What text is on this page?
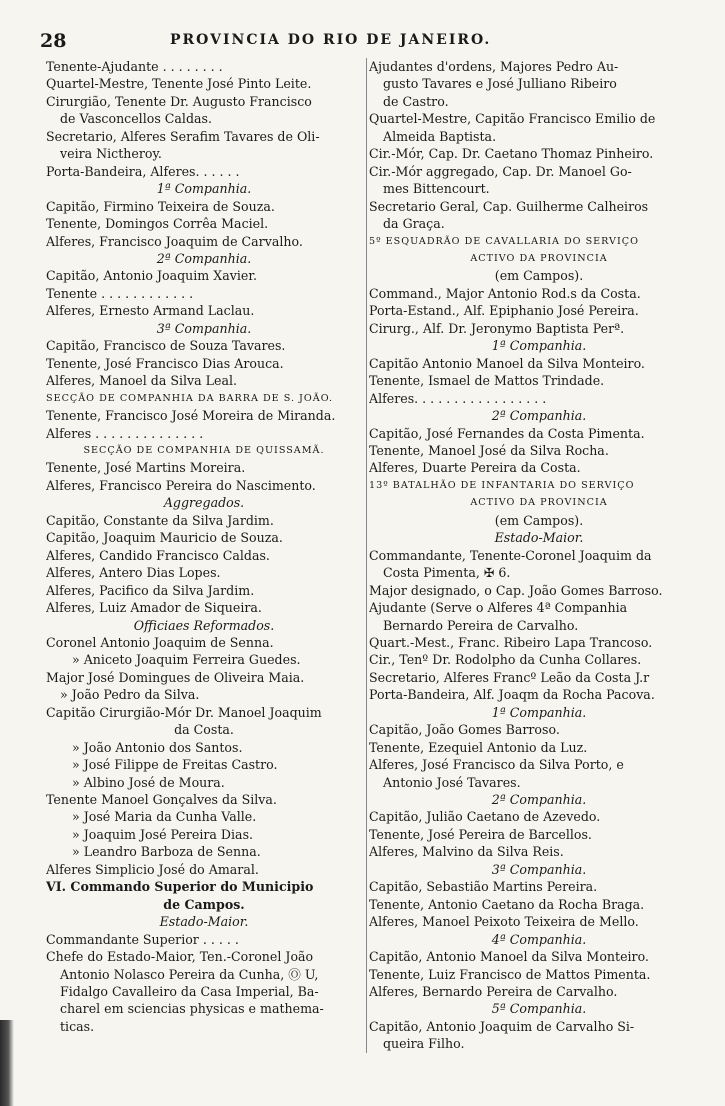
28	PROVINCIA DO RIO DE JANEIRO.
Tenente-Ajudante . . . . . . . .
Quartel-Mestre, Tenente José Pinto Leite.
Cirurgião, Tenente Dr. Augusto Francisco
de Vasconcellos Caldas.
Secretario, Alferes Serafim Tavares de Oli-
veira Nictheroy.
Porta-Bandeira, Alferes. . . . . .
1ª Companhia.
Capitão, Firmino Teixeira de Souza.
Tenente, Domingos Corrêa Maciel.
Alferes, Francisco Joaquim de Carvalho.
2ª Companhia.
Capitão, Antonio Joaquim Xavier.
Tenente . . . . . . . . . . . .
Alferes, Ernesto Armand Laclau.
3ª Companhia.
Capitão, Francisco de Souza Tavares.
Tenente, José Francisco Dias Arouca.
Alferes, Manoel da Silva Leal.
SECÇÃO DE COMPANHIA DA BARRA DE S. JOÃO.
Tenente, Francisco José Moreira de Miranda.
Alferes . . . . . . . . . . . . . .
SECÇÃO DE COMPANHIA DE QUISSAMÃ.
Tenente, José Martins Moreira.
Alferes, Francisco Pereira do Nascimento.
Aggregados.
Capitão, Constante da Silva Jardim.
Capitão, Joaquim Mauricio de Souza.
Alferes, Candido Francisco Caldas.
Alferes, Antero Dias Lopes.
Alferes, Pacifico da Silva Jardim.
Alferes, Luiz Amador de Siqueira.
Officiaes Reformados.
Coronel Antonio Joaquim de Senna.
» Aniceto Joaquim Ferreira Guedes.
Major José Domingues de Oliveira Maia.
» João Pedro da Silva.
Capitão Cirurgião-Mór Dr. Manoel Joaquim
da Costa.
» João Antonio dos Santos.
» José Filippe de Freitas Castro.
» Albino José de Moura.
Tenente Manoel Gonçalves da Silva.
» José Maria da Cunha Valle.
» Joaquim José Pereira Dias.
» Leandro Barboza de Senna.
Alferes Simplicio José do Amaral.
VI. Commando Superior do Municipio
de Campos.
Estado-Maior.
Commandante Superior . . . . .
Chefe do Estado-Maior, Ten.-Coronel João
Antonio Nolasco Pereira da Cunha, Ⓞ U,
Fidalgo Cavalleiro da Casa Imperial, Ba-
charel em sciencias physicas e mathema-
ticas.
Ajudantes d'ordens, Majores Pedro Au-
gusto Tavares e José Julliano Ribeiro
de Castro.
Quartel-Mestre, Capitão Francisco Emilio de
Almeida Baptista.
Cir.-Mór, Cap. Dr. Caetano Thomaz Pinheiro.
Cir.-Mór aggregado, Cap. Dr. Manoel Go-
mes Bittencourt.
Secretario Geral, Cap. Guilherme Calheiros
da Graça.
5º ESQUADRÃO DE CAVALLARIA DO SERVIÇO
ACTIVO DA PROVINCIA
(em Campos).
Command., Major Antonio Rod.s da Costa.
Porta-Estand., Alf. Epiphanio José Pereira.
Cirurg., Alf. Dr. Jeronymo Baptista Perª.
1ª Companhia.
Capitão Antonio Manoel da Silva Monteiro.
Tenente, Ismael de Mattos Trindade.
Alferes. . . . . . . . . . . . . . . . .
2ª Companhia.
Capitão, José Fernandes da Costa Pimenta.
Tenente, Manoel José da Silva Rocha.
Alferes, Duarte Pereira da Costa.
13º BATALHÃO DE INFANTARIA DO SERVIÇO
ACTIVO DA PROVINCIA
(em Campos).
Estado-Maior.
Commandante, Tenente-Coronel Joaquim da
Costa Pimenta, ✠ 6.
Major designado, o Cap. João Gomes Barroso.
Ajudante (Serve o Alferes 4ª Companhia
Bernardo Pereira de Carvalho.
Quart.-Mest., Franc. Ribeiro Lapa Trancoso.
Cir., Tenº Dr. Rodolpho da Cunha Collares.
Secretario, Alferes Francº Leão da Costa J.r
Porta-Bandeira, Alf. Joaqm da Rocha Pacova.
1ª Companhia.
Capitão, João Gomes Barroso.
Tenente, Ezequiel Antonio da Luz.
Alferes, José Francisco da Silva Porto, e
Antonio José Tavares.
2ª Companhia.
Capitão, Julião Caetano de Azevedo.
Tenente, José Pereira de Barcellos.
Alferes, Malvino da Silva Reis.
3ª Companhia.
Capitão, Sebastião Martins Pereira.
Tenente, Antonio Caetano da Rocha Braga.
Alferes, Manoel Peixoto Teixeira de Mello.
4ª Companhia.
Capitão, Antonio Manoel da Silva Monteiro.
Tenente, Luiz Francisco de Mattos Pimenta.
Alferes, Bernardo Pereira de Carvalho.
5ª Companhia.
Capitão, Antonio Joaquim de Carvalho Si-
queira Filho.
